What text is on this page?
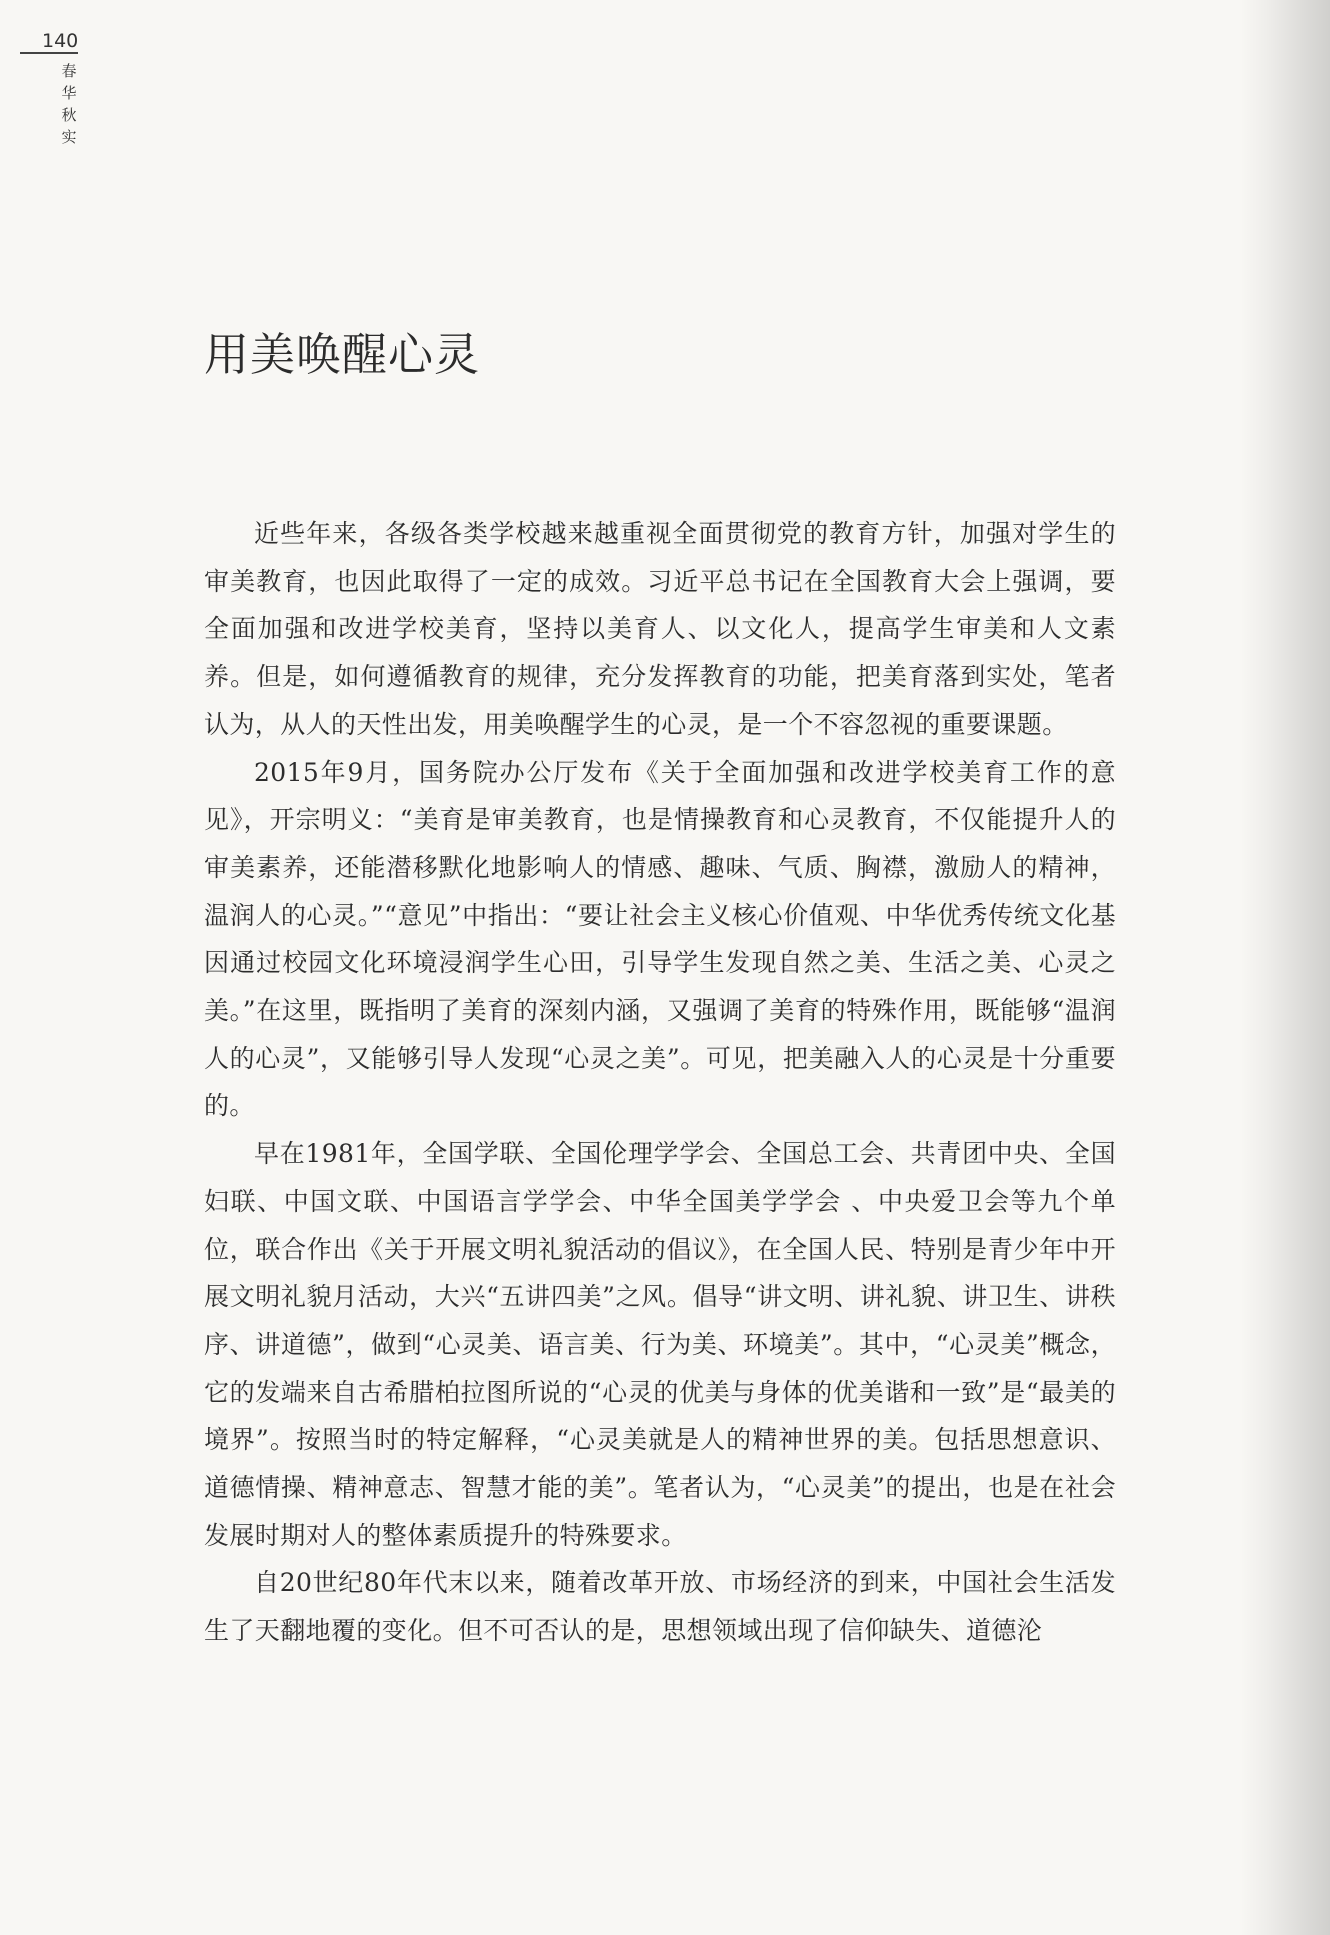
140
春
华
秋
实
用美唤醒心灵

近些年来，各级各类学校越来越重视全面贯彻党的教育方针，加强对学生的审美教育，也因此取得了一定的成效。习近平总书记在全国教育大会上强调，要全面加强和改进学校美育，坚持以美育人、以文化人，提高学生审美和人文素养。但是，如何遵循教育的规律，充分发挥教育的功能，把美育落到实处，笔者认为，从人的天性出发，用美唤醒学生的心灵，是一个不容忽视的重要课题。

2015年9月，国务院办公厅发布《关于全面加强和改进学校美育工作的意见》，开宗明义：“美育是审美教育，也是情操教育和心灵教育，不仅能提升人的审美素养，还能潜移默化地影响人的情感、趣味、气质、胸襟，激励人的精神，温润人的心灵。”“意见”中指出：“要让社会主义核心价值观、中华优秀传统文化基因通过校园文化环境浸润学生心田，引导学生发现自然之美、生活之美、心灵之美。”在这里，既指明了美育的深刻内涵，又强调了美育的特殊作用，既能够“温润人的心灵”，又能够引导人发现“心灵之美”。可见，把美融入人的心灵是十分重要的。

早在1981年，全国学联、全国伦理学学会、全国总工会、共青团中央、全国妇联、中国文联、中国语言学学会、中华全国美学学会 、中央爱卫会等九个单位，联合作出《关于开展文明礼貌活动的倡议》，在全国人民、特别是青少年中开展文明礼貌月活动，大兴“五讲四美”之风。倡导“讲文明、讲礼貌、讲卫生、讲秩序、讲道德”，做到“心灵美、语言美、行为美、环境美”。其中，“心灵美”概念，它的发端来自古希腊柏拉图所说的“心灵的优美与身体的优美谐和一致”是“最美的境界”。按照当时的特定解释，“心灵美就是人的精神世界的美。包括思想意识、道德情操、精神意志、智慧才能的美”。笔者认为，“心灵美”的提出，也是在社会发展时期对人的整体素质提升的特殊要求。

自20世纪80年代末以来，随着改革开放、市场经济的到来，中国社会生活发生了天翻地覆的变化。但不可否认的是，思想领域出现了信仰缺失、道德沦
